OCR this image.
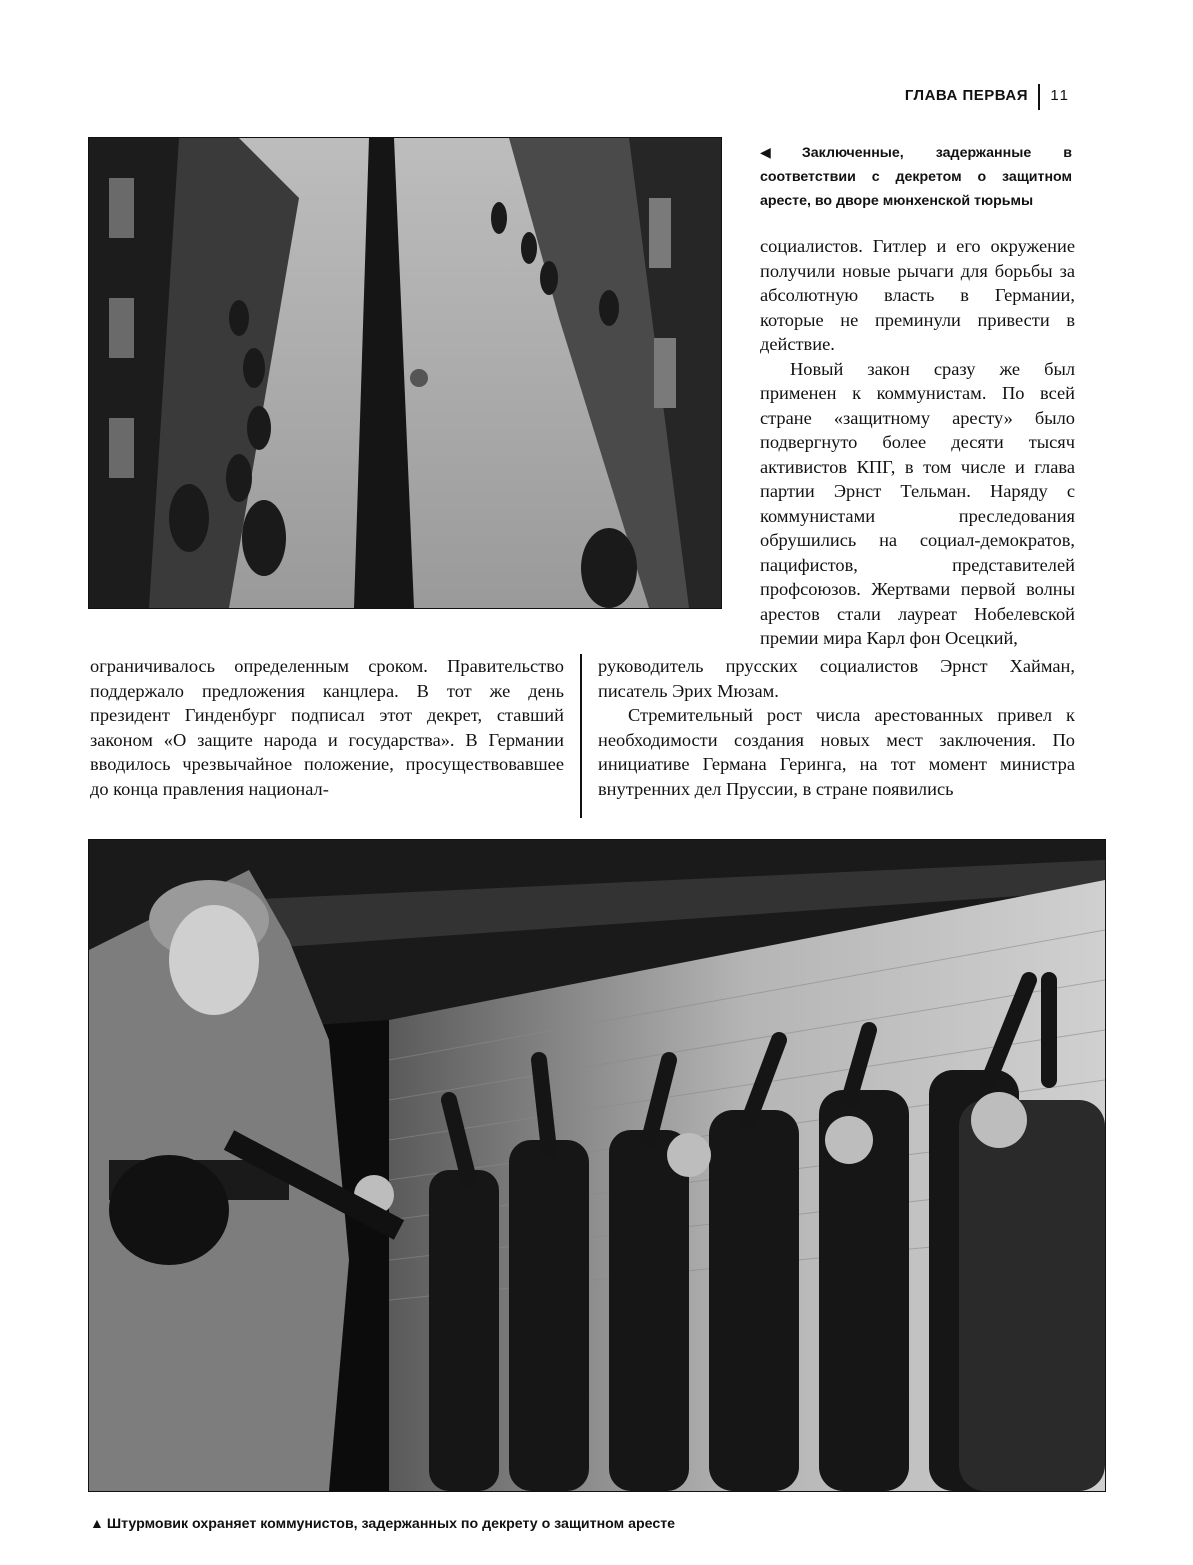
ГЛАВА ПЕРВАЯ 11
◀ Заключенные, задержанные в соответствии с декретом о защитном аресте, во дворе мюнхенской тюрьмы

социалистов. Гитлер и его окружение получили новые рычаги для борьбы за абсолютную власть в Германии, которые не преминули привести в действие.

Новый закон сразу же был применен к коммунистам. По всей стране «защитному аресту» было подвергнуто более десяти тысяч активистов КПГ, в том числе и глава партии Эрнст Тельман. Наряду с коммунистами преследования обрушились на социал-демократов, пацифистов, представителей профсоюзов. Жертвами первой волны арестов стали лауреат Нобелевской премии мира Карл фон Осецкий,

ограничивалось определенным сроком. Правительство поддержало предложения канцлера. В тот же день президент Гинденбург подписал этот декрет, ставший законом «О защите народа и государства». В Германии вводилось чрезвычайное положение, просуществовавшее до конца правления национал-

руководитель прусских социалистов Эрнст Хайман, писатель Эрих Мюзам.

Стремительный рост числа арестованных привел к необходимости создания новых мест заключения. По инициативе Германа Геринга, на тот момент министра внутренних дел Пруссии, в стране появились

▲ Штурмовик охраняет коммунистов, задержанных по декрету о защитном аресте
